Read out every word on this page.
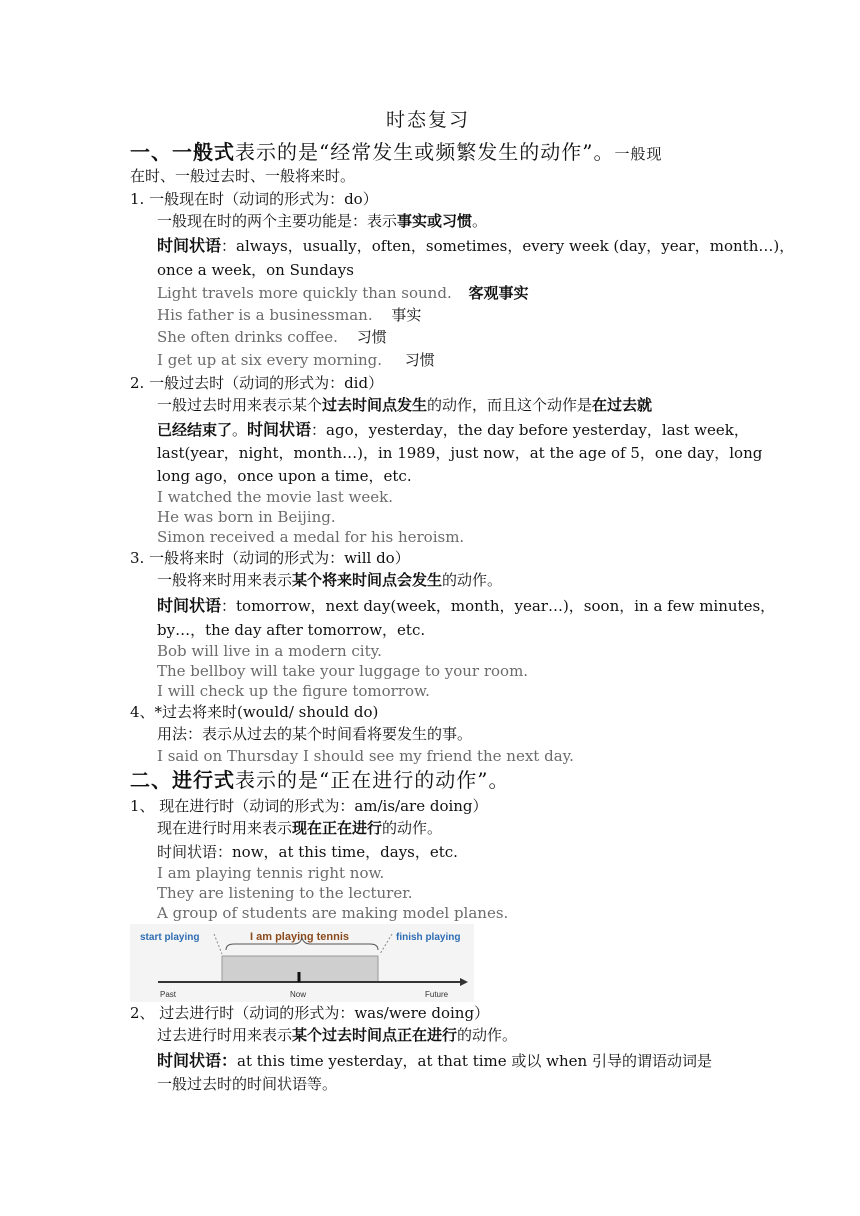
时态复习
一、一般式表示的是“经常发生或频繁发生的动作”。一般现
在时、一般过去时、一般将来时。
1. 一般现在时（动词的形式为：do）
一般现在时的两个主要功能是：表示事实或习惯。
时间状语：always，usually，often，sometimes，every week (day，year，month…)，
once a week，on Sundays
Light travels more quickly than sound. 客观事实
His father is a businessman. 事实
She often drinks coffee. 习惯
I get up at six every morning. 习惯
2. 一般过去时（动词的形式为：did）
一般过去时用来表示某个过去时间点发生的动作，而且这个动作是在过去就
已经结束了。时间状语：ago，yesterday，the day before yesterday，last week，
last(year，night，month…)，in 1989，just now，at the age of 5，one day，long
long ago，once upon a time，etc.
I watched the movie last week.
He was born in Beijing.
Simon received a medal for his heroism.
3. 一般将来时（动词的形式为：will do）
一般将来时用来表示某个将来时间点会发生的动作。
时间状语：tomorrow，next day(week，month，year…)，soon，in a few minutes，
by…，the day after tomorrow，etc.
Bob will live in a modern city.
The bellboy will take your luggage to your room.
I will check up the figure tomorrow.
4、*过去将来时(would/ should do)
用法：表示从过去的某个时间看将要发生的事。
I said on Thursday I should see my friend the next day.
二、进行式表示的是“正在进行的动作”。
1、 现在进行时（动词的形式为：am/is/are doing）
现在进行时用来表示现在正在进行的动作。
时间状语：now，at this time，days，etc.
I am playing tennis right now.
They are listening to the lecturer.
A group of students are making model planes.
start playing	I am playing tennis	finish playing
Past	Now	Future
2、 过去进行时（动词的形式为：was/were doing）
过去进行时用来表示某个过去时间点正在进行的动作。
时间状语：at this time yesterday，at that time 或以 when 引导的谓语动词是
一般过去时的时间状语等。
